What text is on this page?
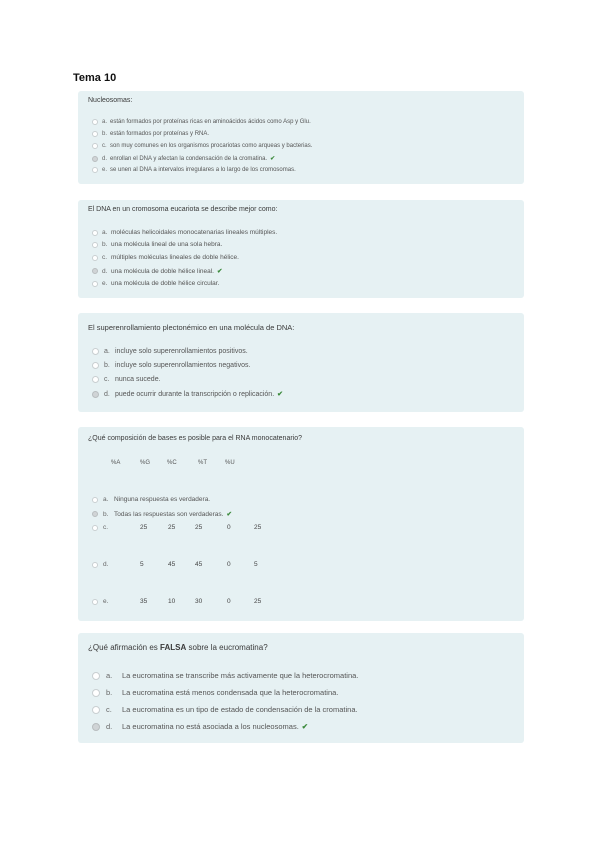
Tema 10
Nucleosomas:
a. están formados por proteínas ricas en aminoácidos ácidos como Asp y Glu.
b. están formados por proteínas y RNA.
c. son muy comunes en los organismos procariotas como arqueas y bacterias.
d. enrollan el DNA y afectan la condensación de la cromatina. ✔
e. se unen al DNA a intervalos irregulares a lo largo de los cromosomas.
El DNA en un cromosoma eucariota se describe mejor como:
a. moléculas helicoidales monocatenarias lineales múltiples.
b. una molécula lineal de una sola hebra.
c. múltiples moléculas lineales de doble hélice.
d. una molécula de doble hélice lineal. ✔
e. una molécula de doble hélice circular.
El superenrollamiento plectonémico en una molécula de DNA:
a. incluye solo superenrollamientos positivos.
b. incluye solo superenrollamientos negativos.
c. nunca sucede.
d. puede ocurrir durante la transcripción o replicación. ✔
¿Qué composición de bases es posible para el RNA monocatenario?
%A	%G	%C	%T	%U
a. Ninguna respuesta es verdadera.
b. Todas las respuestas son verdaderas. ✔
c.	25	25	25	0	25
d.	5	45	45	0	5
e.	35	10	30	0	25
¿Qué afirmación es FALSA sobre la eucromatina?
a.	La eucromatina se transcribe más activamente que la heterocromatina.
b.	La eucromatina está menos condensada que la heterocromatina.
c.	La eucromatina es un tipo de estado de condensación de la cromatina.
d.	La eucromatina no está asociada a los nucleosomas. ✔
